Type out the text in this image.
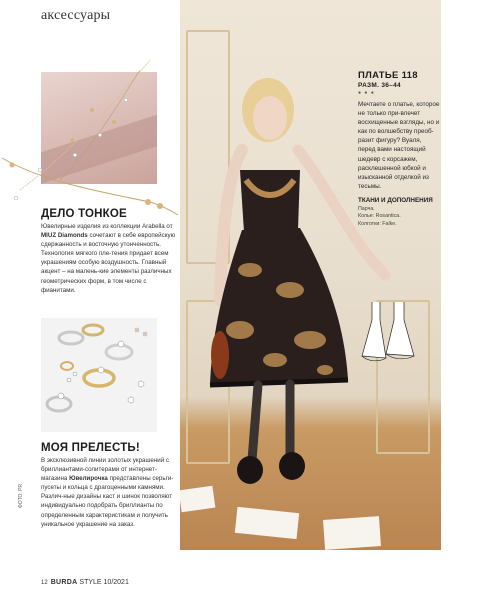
аксессуары
ДЕЛО ТОНКОЕ
Ювелирные изделия из коллекции Arabella от MIUZ Diamonds сочетают в себе европейскую сдержанность и восточную утонченность. Технология мягкого пле-тения придает всем украшениям особую воздушность. Главный акцент – на малень-кие элементы различных геометрических форм, в том числе с фианитами.
МОЯ ПРЕЛЕСТЬ!
В эксклюзивной линии золотых украшений с бриллиантами-солитерами от интернет-магазина Ювелирочка представлены серьги-пусеты и кольца с драгоценными камнями. Различ-ные дизайны каст и шинок позволяют индивидуально подобрать бриллианты по определенным характеристикам и получить уникальное украшение на заказ.
ФОТО: PR
ПЛАТЬЕ 118
РАЗМ. 36–44
● ● ●
Мечтаете о платье, которое не только при-влечет восхищенные взгляды, но и как по волшебству преоб-разит фигуру? Вуаля, перед вами настоящий шедевр с корсажем, расклешенной юбкой и изысканной отделкой из тесьмы.
ТКАНИ И ДОПОЛНЕНИЯ
Парча.
Колье: Rosantica.
Колготки: Falke.
12 BURDA STYLE 10/2021
